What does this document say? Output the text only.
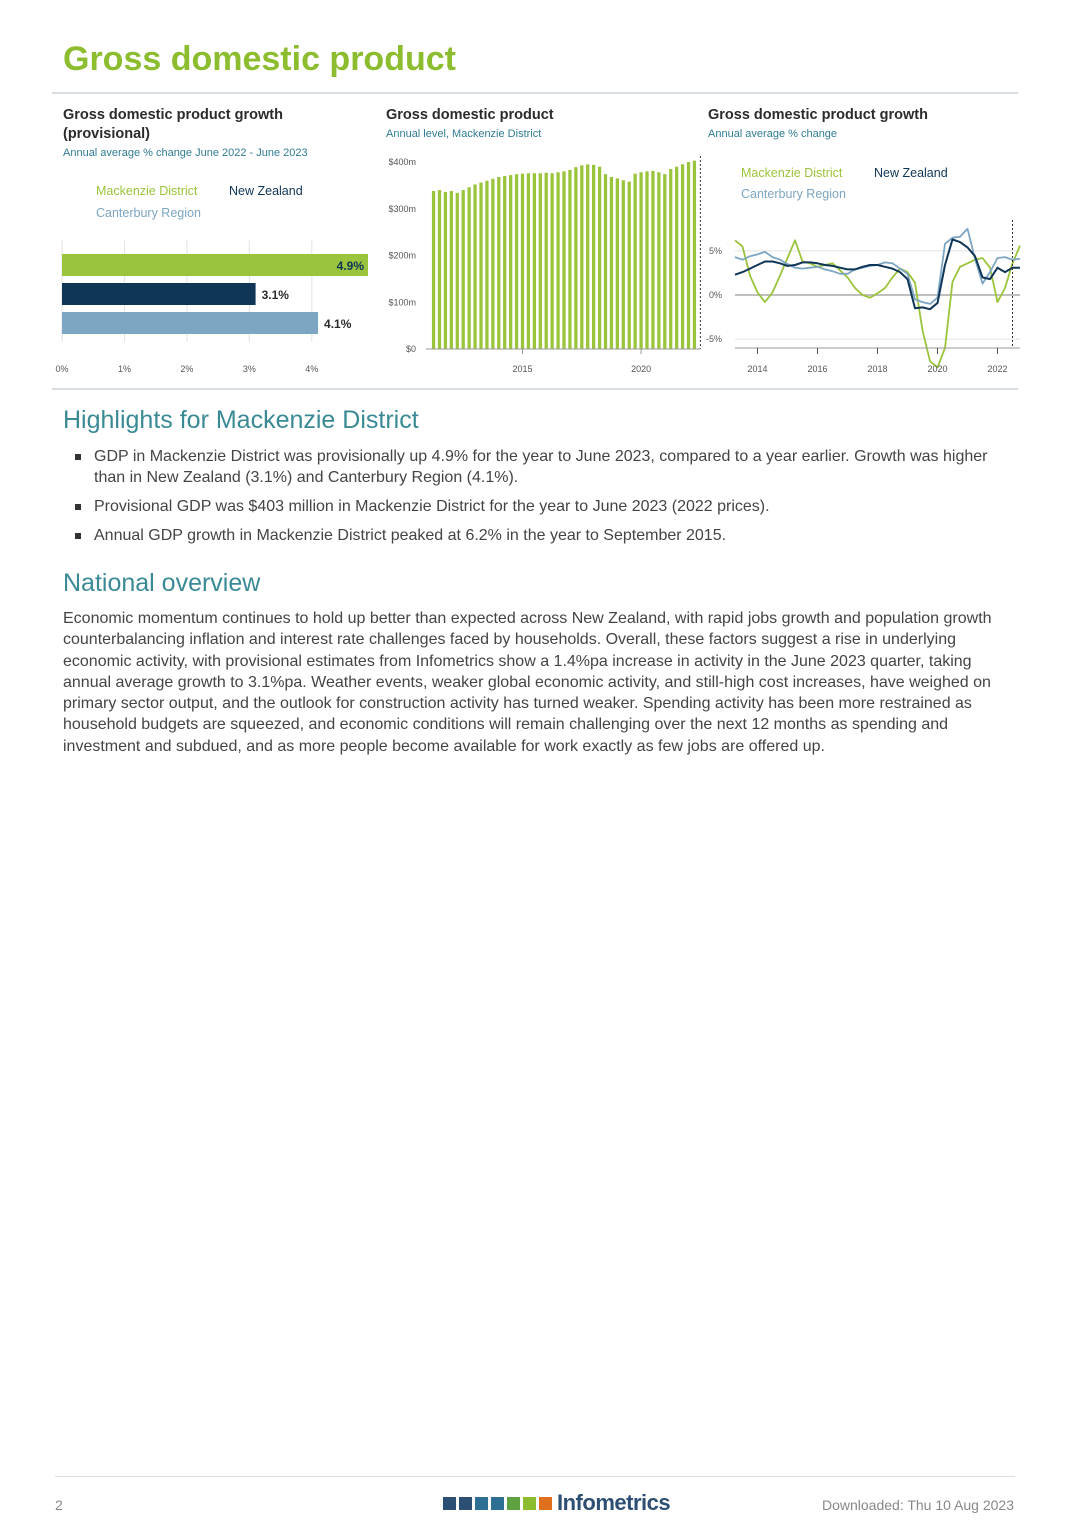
Gross domestic product
Gross domestic product growth (provisional)
Annual average % change June 2022 - June 2023
Mackenzie District	New Zealand
Canterbury Region
0%	1%	2%	3%	4%
4.9%
3.1%
4.1%
Gross domestic product
Annual level, Mackenzie District
$0
$100m
$200m
$300m
$400m
2015	2020
Gross domestic product growth
Annual average % change
Mackenzie District	New Zealand
Canterbury Region
-5%
0%
5%
2014	2016	2018	2020	2022
Highlights for Mackenzie District
GDP in Mackenzie District was provisionally up 4.9% for the year to June 2023, compared to a year earlier. Growth was higher than in New Zealand (3.1%) and Canterbury Region (4.1%).
Provisional GDP was $403 million in Mackenzie District for the year to June 2023 (2022 prices).
Annual GDP growth in Mackenzie District peaked at 6.2% in the year to September 2015.
National overview

Economic momentum continues to hold up better than expected across New Zealand, with rapid jobs growth and population growth counterbalancing inflation and interest rate challenges faced by households. Overall, these factors suggest a rise in underlying economic activity, with provisional estimates from Infometrics show a 1.4%pa increase in activity in the June 2023 quarter, taking annual average growth to 3.1%pa. Weather events, weaker global economic activity, and still-high cost increases, have weighed on primary sector output, and the outlook for construction activity has turned weaker. Spending activity has been more restrained as household budgets are squeezed, and economic conditions will remain challenging over the next 12 months as spending and investment and subdued, and as more people become available for work exactly as few jobs are offered up.

2	Infometrics	Downloaded: Thu 10 Aug 2023
